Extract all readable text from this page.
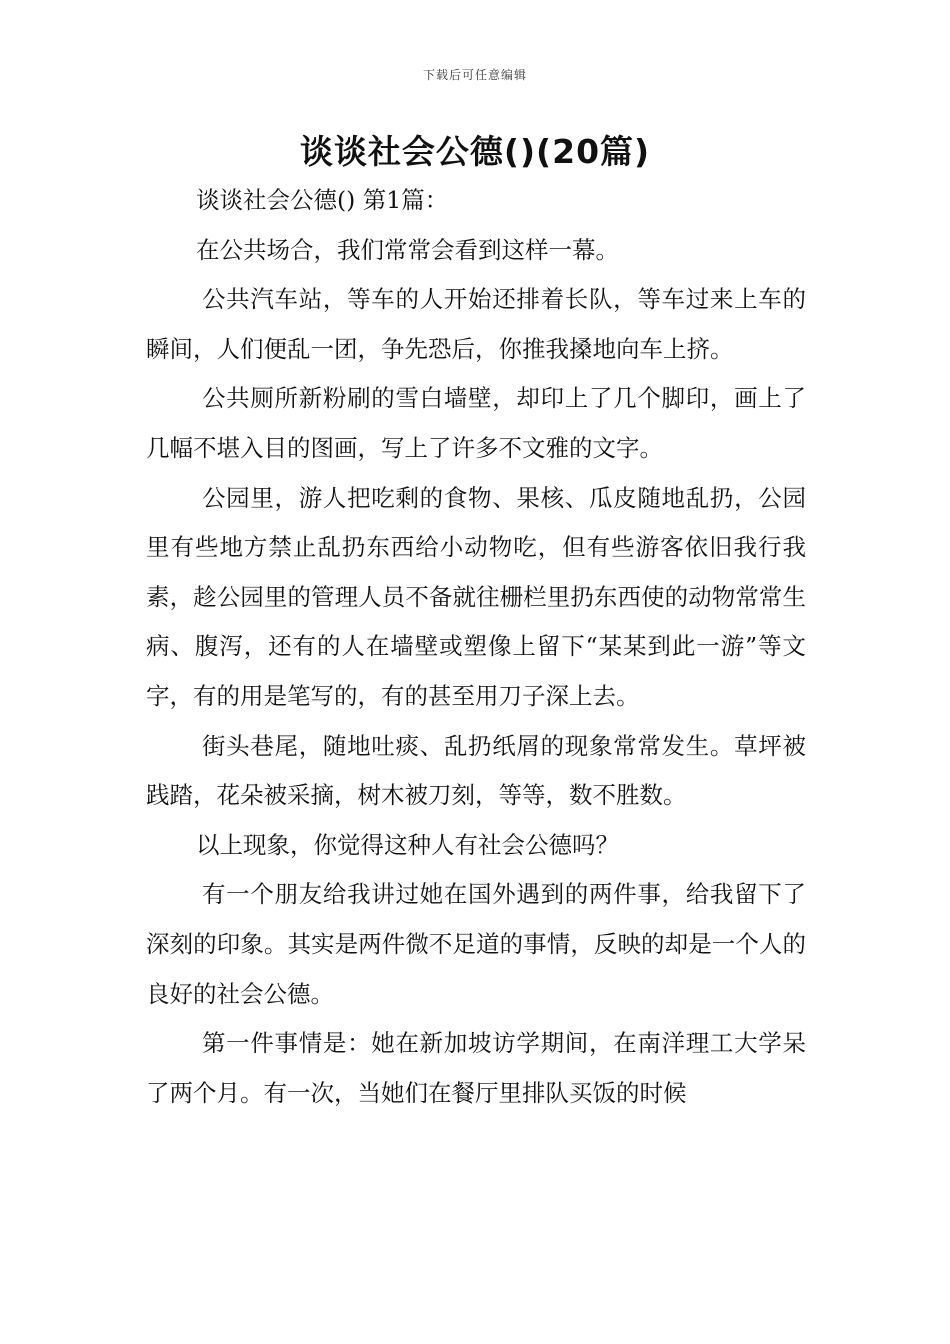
下载后可任意编辑
谈谈社会公德()(20篇)

谈谈社会公德() 第1篇：

在公共场合，我们常常会看到这样一幕。

公共汽车站，等车的人开始还排着长队，等车过来上车的瞬间，人们便乱一团，争先恐后，你推我搡地向车上挤。

公共厕所新粉刷的雪白墙壁，却印上了几个脚印，画上了几幅不堪入目的图画，写上了许多不文雅的文字。

公园里，游人把吃剩的食物、果核、瓜皮随地乱扔，公园里有些地方禁止乱扔东西给小动物吃，但有些游客依旧我行我素，趁公园里的管理人员不备就往栅栏里扔东西使的动物常常生病、腹泻，还有的人在墙壁或塑像上留下“某某到此一游”等文字，有的用是笔写的，有的甚至用刀子深上去。

街头巷尾，随地吐痰、乱扔纸屑的现象常常发生。草坪被践踏，花朵被采摘，树木被刀刻，等等，数不胜数。

以上现象，你觉得这种人有社会公德吗？

有一个朋友给我讲过她在国外遇到的两件事，给我留下了深刻的印象。其实是两件微不足道的事情，反映的却是一个人的良好的社会公德。

第一件事情是：她在新加坡访学期间，在南洋理工大学呆了两个月。有一次，当她们在餐厅里排队买饭的时候
